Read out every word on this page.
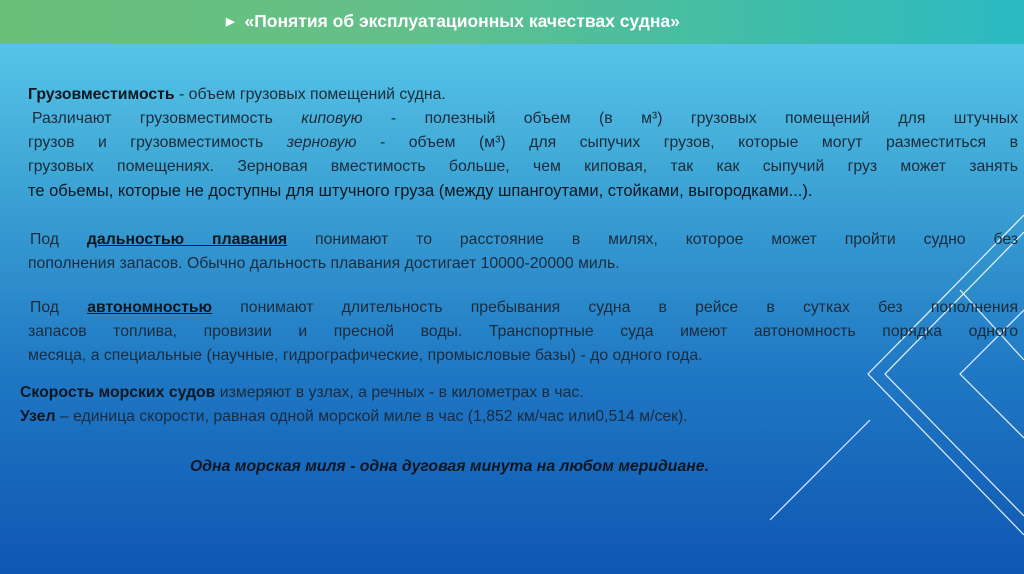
▶ «Понятия об эксплуатационных качествах судна»
Грузовместимость - объем грузовых помещений судна.
Различают грузовместимость киповую - полезный объем (в м³) грузовых помещений для штучных
грузов и грузовместимость зерновую - объем (м³) для сыпучих грузов, которые могут разместиться в
грузовых помещениях. Зерновая вместимость больше, чем киповая, так как сыпучий груз может занять
те обьемы, которые не доступны для штучного груза (между шпангоутами, стойками, выгородками...).
Под дальностью плавания понимают то расстояние в милях, которое может пройти судно без
пополнения запасов. Обычно дальность плавания достигает 10000-20000 миль.
Под автономностью понимают длительность пребывания судна в рейсе в сутках без пополнения
запасов топлива, провизии и пресной воды. Транспортные суда имеют автономность порядка одного
месяца, а специальные (научные, гидрографические, промысловые базы) - до одного года.
Скорость морских судов измеряют в узлах, а речных - в километрах в час.
Узел – единица скорости, равная одной морской миле в час (1,852 км/час или0,514 м/сек).
Одна морская миля - одна дуговая минута на любом меридиане.
